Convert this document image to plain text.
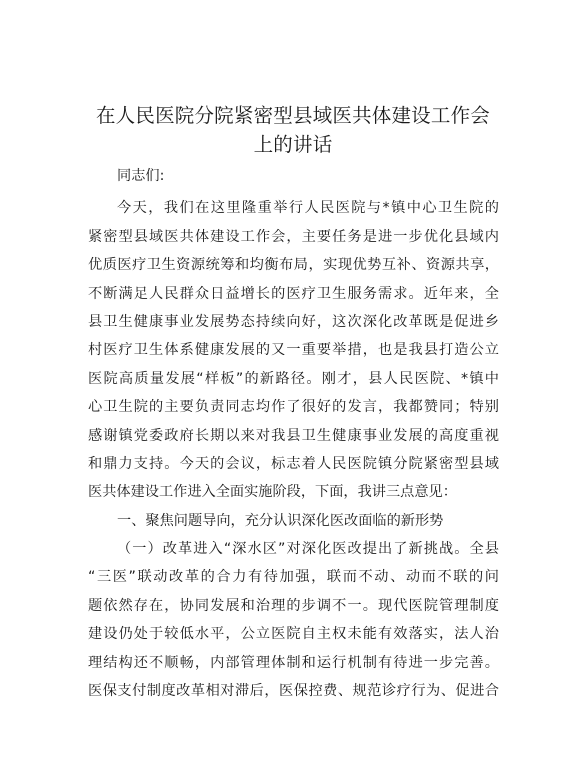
在人民医院分院紧密型县域医共体建设工作会
上的讲话
同志们:
今天，我们在这里隆重举行人民医院与*镇中心卫生院的
紧密型县域医共体建设工作会，主要任务是进一步优化县域内
优质医疗卫生资源统筹和均衡布局，实现优势互补、资源共享，
不断满足人民群众日益增长的医疗卫生服务需求。近年来，全
县卫生健康事业发展势态持续向好，这次深化改革既是促进乡
村医疗卫生体系健康发展的又一重要举措，也是我县打造公立
医院高质量发展“样板”的新路径。刚才，县人民医院、*镇中
心卫生院的主要负责同志均作了很好的发言，我都赞同；特别
感谢镇党委政府长期以来对我县卫生健康事业发展的高度重视
和鼎力支持。今天的会议，标志着人民医院镇分院紧密型县域
医共体建设工作进入全面实施阶段，下面，我讲三点意见：
一、聚焦问题导向，充分认识深化医改面临的新形势
（一）改革进入“深水区”对深化医改提出了新挑战。全县
“三医”联动改革的合力有待加强，联而不动、动而不联的问
题依然存在，协同发展和治理的步调不一。现代医院管理制度
建设仍处于较低水平，公立医院自主权未能有效落实，法人治
理结构还不顺畅，内部管理体制和运行机制有待进一步完善。
医保支付制度改革相对滞后，医保控费、规范诊疗行为、促进合
